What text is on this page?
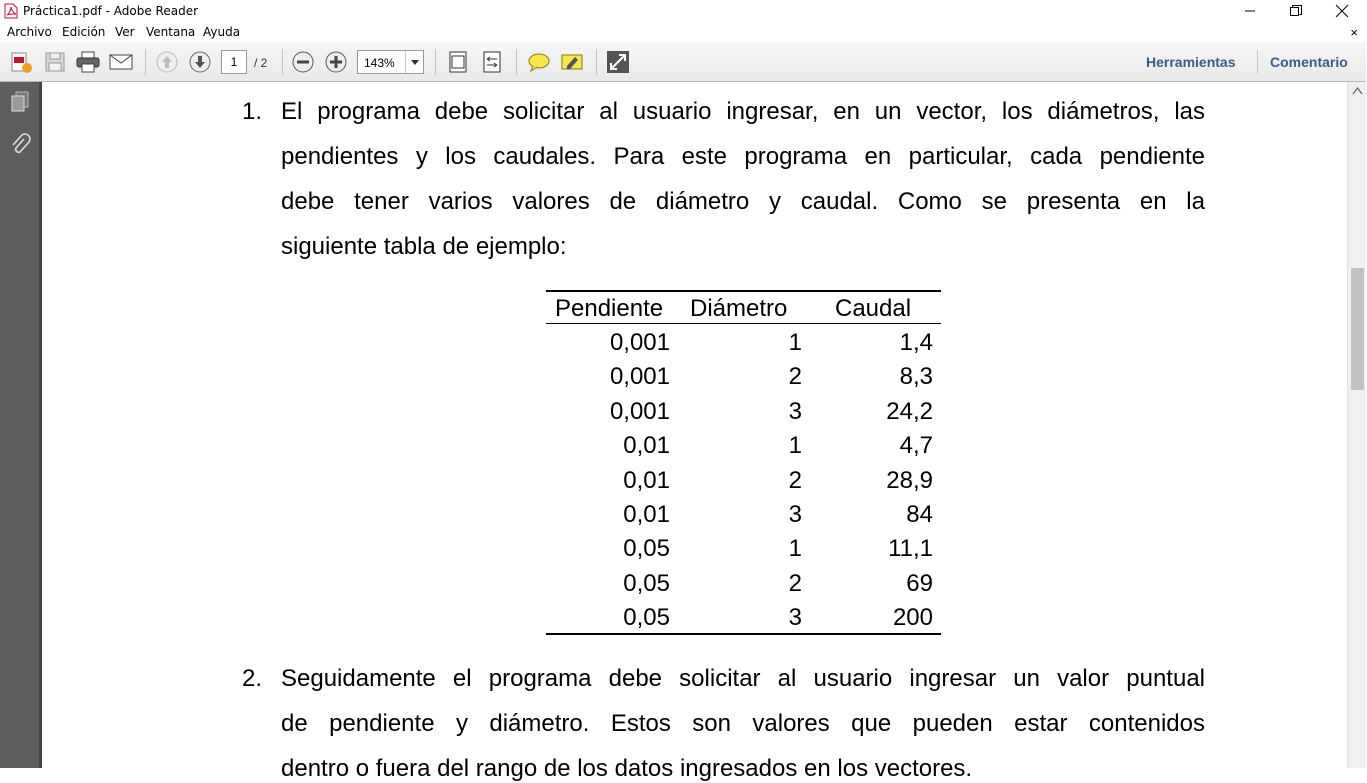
Práctica1.pdf - Adobe Reader
Archivo Edición Ver Ventana Ayuda	×
1	/ 2	143%	Herramientas Comentario
1. El programa debe solicitar al usuario ingresar, en un vector, los diámetros, las
pendientes y los caudales. Para este programa en particular, cada pendiente
debe tener varios valores de diámetro y caudal. Como se presenta en la
siguiente tabla de ejemplo:
Pendiente Diámetro Caudal
0,001	1	1,4
0,001	2	8,3
0,001	3	24,2
0,01	1	4,7
0,01	2	28,9
0,01	3	84
0,05	1	11,1
0,05	2	69
0,05	3	200
2. Seguidamente el programa debe solicitar al usuario ingresar un valor puntual
de pendiente y diámetro. Estos son valores que pueden estar contenidos
dentro o fuera del rango de los datos ingresados en los vectores.
